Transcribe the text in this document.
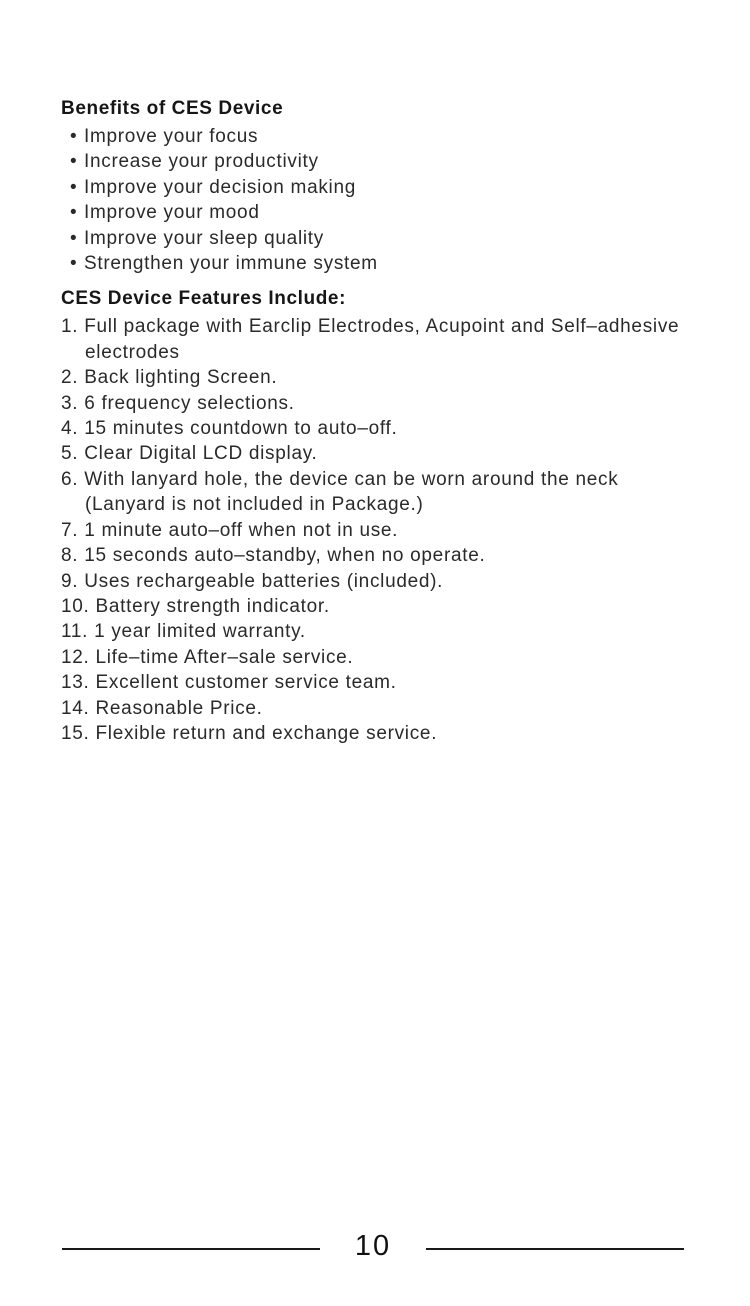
Benefits of CES Device
• Improve your focus
• Increase your productivity
• Improve your decision making
• Improve your mood
• Improve your sleep quality
• Strengthen your immune system
CES Device Features Include:
1. Full package with Earclip Electrodes, Acupoint and Self–adhesive electrodes
2. Back lighting Screen.
3. 6 frequency selections.
4. 15 minutes countdown to auto–off.
5. Clear Digital LCD display.
6. With lanyard hole, the device can be worn around the neck (Lanyard is not included in Package.)
7. 1 minute auto–off when not in use.
8. 15 seconds auto–standby, when no operate.
9. Uses rechargeable batteries (included).
10. Battery strength indicator.
11. 1 year limited warranty.
12. Life–time After–sale service.
13. Excellent customer service team.
14. Reasonable Price.
15. Flexible return and exchange service.
10
